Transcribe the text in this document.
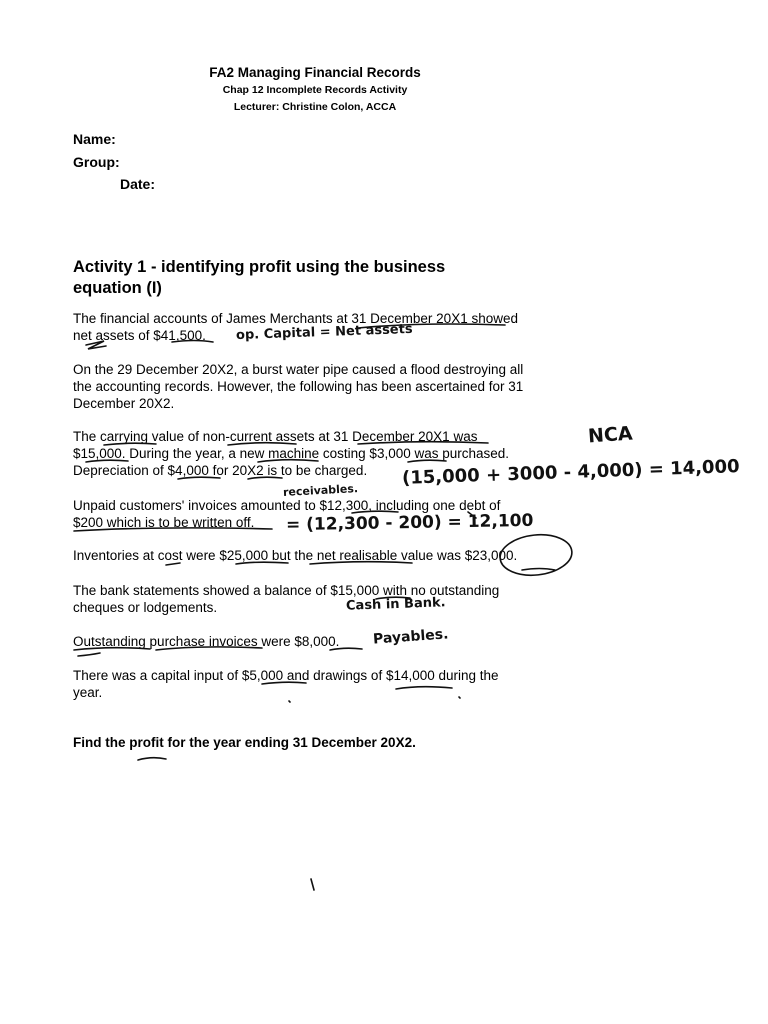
FA2 Managing Financial Records
Chap 12 Incomplete Records Activity
Lecturer: Christine Colon, ACCA
Name:
Group:
Date:
Activity 1 - identifying profit using the business equation (I)
The financial accounts of James Merchants at 31 December 20X1 showed
net assets of $41,500.
On the 29 December 20X2, a burst water pipe caused a flood destroying all
the accounting records. However, the following has been ascertained for 31
December 20X2.
The carrying value of non-current assets at 31 December 20X1 was
$15,000. During the year, a new machine costing $3,000 was purchased.
Depreciation of $4,000 for 20X2 is to be charged.
Unpaid customers' invoices amounted to $12,300, including one debt of
$200 which is to be written off.
Inventories at cost were $25,000 but the net realisable value was $23,000.
The bank statements showed a balance of $15,000 with no outstanding
cheques or lodgements.
Outstanding purchase invoices were $8,000.
There was a capital input of $5,000 and drawings of $14,000 during the
year.
Find the profit for the year ending 31 December 20X2.
op. Capital = Net assets
NCA
(15,000 + 3000 - 4,000) = 14,000
receivables.
= (12,300 - 200) = 12,100
Cash in Bank.
Payables.
